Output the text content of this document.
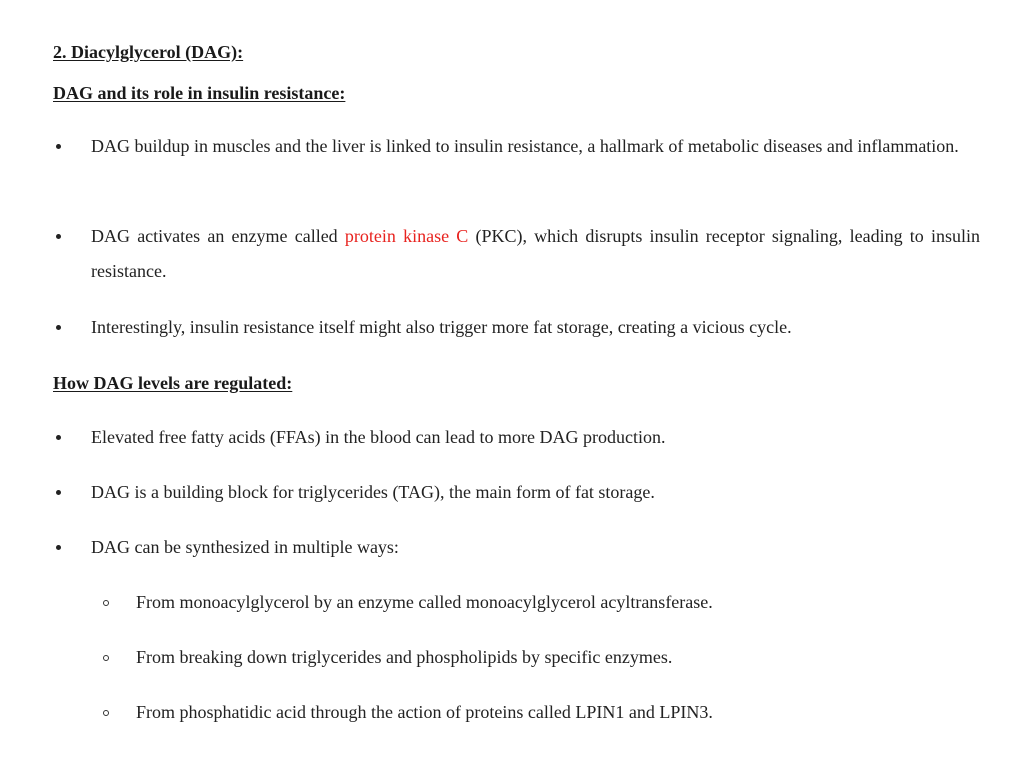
2. Diacylglycerol (DAG):
DAG and its role in insulin resistance:
DAG buildup in muscles and the liver is linked to insulin resistance, a hallmark of metabolic diseases and inflammation.
DAG activates an enzyme called protein kinase C (PKC), which disrupts insulin receptor signaling, leading to insulin resistance.
Interestingly, insulin resistance itself might also trigger more fat storage, creating a vicious cycle.
How DAG levels are regulated:
Elevated free fatty acids (FFAs) in the blood can lead to more DAG production.
DAG is a building block for triglycerides (TAG), the main form of fat storage.
DAG can be synthesized in multiple ways:
From monoacylglycerol by an enzyme called monoacylglycerol acyltransferase.
From breaking down triglycerides and phospholipids by specific enzymes.
From phosphatidic acid through the action of proteins called LPIN1 and LPIN3.
